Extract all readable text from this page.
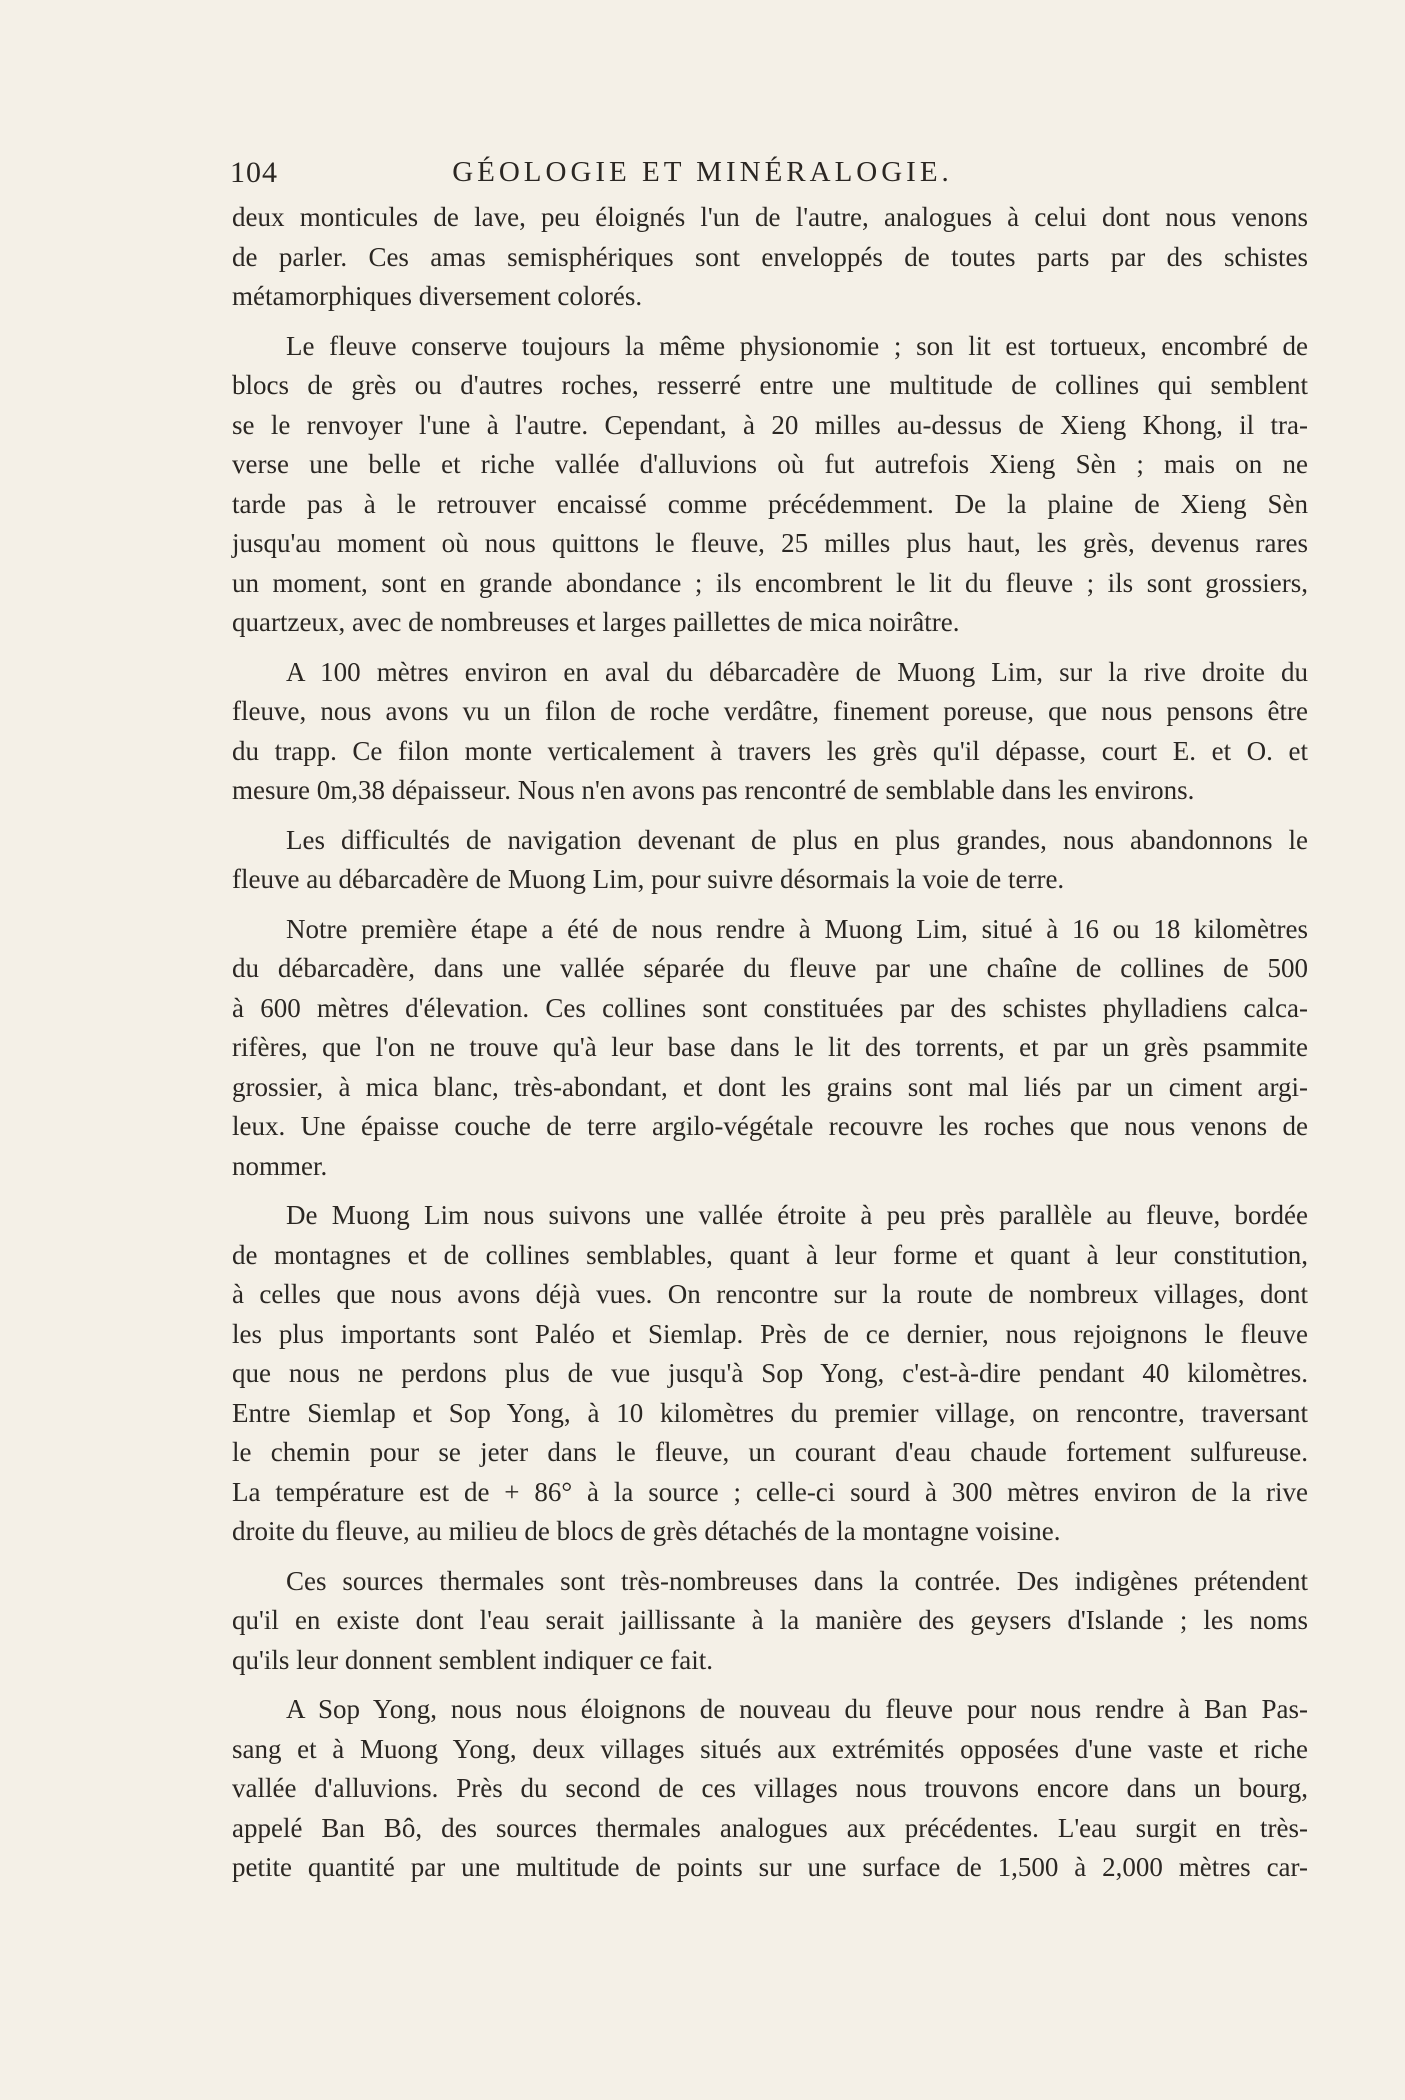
104	GÉOLOGIE ET MINÉRALOGIE.
deux monticules de lave, peu éloignés l'un de l'autre, analogues à celui dont nous venons
de parler. Ces amas semisphériques sont enveloppés de toutes parts par des schistes
métamorphiques diversement colorés.
Le fleuve conserve toujours la même physionomie ; son lit est tortueux, encombré de
blocs de grès ou d'autres roches, resserré entre une multitude de collines qui semblent
se le renvoyer l'une à l'autre. Cependant, à 20 milles au-dessus de Xieng Khong, il tra-
verse une belle et riche vallée d'alluvions où fut autrefois Xieng Sèn ; mais on ne
tarde pas à le retrouver encaissé comme précédemment. De la plaine de Xieng Sèn
jusqu'au moment où nous quittons le fleuve, 25 milles plus haut, les grès, devenus rares
un moment, sont en grande abondance ; ils encombrent le lit du fleuve ; ils sont grossiers,
quartzeux, avec de nombreuses et larges paillettes de mica noirâtre.
A 100 mètres environ en aval du débarcadère de Muong Lim, sur la rive droite du
fleuve, nous avons vu un filon de roche verdâtre, finement poreuse, que nous pensons être
du trapp. Ce filon monte verticalement à travers les grès qu'il dépasse, court E. et O. et
mesure 0m,38 dépaisseur. Nous n'en avons pas rencontré de semblable dans les environs.
Les difficultés de navigation devenant de plus en plus grandes, nous abandonnons le
fleuve au débarcadère de Muong Lim, pour suivre désormais la voie de terre.
Notre première étape a été de nous rendre à Muong Lim, situé à 16 ou 18 kilomètres
du débarcadère, dans une vallée séparée du fleuve par une chaîne de collines de 500
à 600 mètres d'élevation. Ces collines sont constituées par des schistes phylladiens calca-
rifères, que l'on ne trouve qu'à leur base dans le lit des torrents, et par un grès psammite
grossier, à mica blanc, très-abondant, et dont les grains sont mal liés par un ciment argi-
leux. Une épaisse couche de terre argilo-végétale recouvre les roches que nous venons de
nommer.
De Muong Lim nous suivons une vallée étroite à peu près parallèle au fleuve, bordée
de montagnes et de collines semblables, quant à leur forme et quant à leur constitution,
à celles que nous avons déjà vues. On rencontre sur la route de nombreux villages, dont
les plus importants sont Paléo et Siemlap. Près de ce dernier, nous rejoignons le fleuve
que nous ne perdons plus de vue jusqu'à Sop Yong, c'est-à-dire pendant 40 kilomètres.
Entre Siemlap et Sop Yong, à 10 kilomètres du premier village, on rencontre, traversant
le chemin pour se jeter dans le fleuve, un courant d'eau chaude fortement sulfureuse.
La température est de + 86° à la source ; celle-ci sourd à 300 mètres environ de la rive
droite du fleuve, au milieu de blocs de grès détachés de la montagne voisine.
Ces sources thermales sont très-nombreuses dans la contrée. Des indigènes prétendent
qu'il en existe dont l'eau serait jaillissante à la manière des geysers d'Islande ; les noms
qu'ils leur donnent semblent indiquer ce fait.
A Sop Yong, nous nous éloignons de nouveau du fleuve pour nous rendre à Ban Pas-
sang et à Muong Yong, deux villages situés aux extrémités opposées d'une vaste et riche
vallée d'alluvions. Près du second de ces villages nous trouvons encore dans un bourg,
appelé Ban Bô, des sources thermales analogues aux précédentes. L'eau surgit en très-
petite quantité par une multitude de points sur une surface de 1,500 à 2,000 mètres car-
